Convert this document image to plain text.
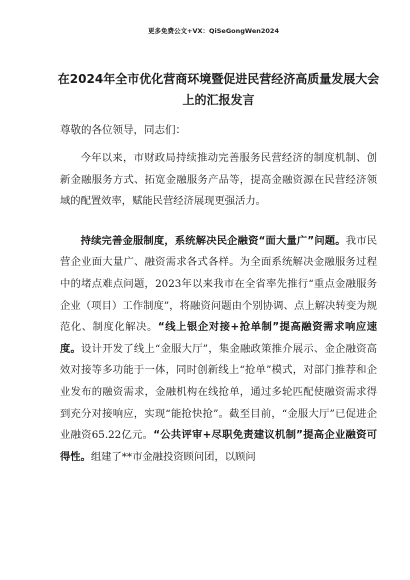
更多免费公文+VX：QiSeGongWen2024
在2024年全市优化营商环境暨促进民营经济高质量发展大会上的汇报发言
尊敬的各位领导，同志们：

今年以来，市财政局持续推动完善服务民营经济的制度机制、创新金融服务方式、拓宽金融服务产品等，提高金融资源在民营经济领域的配置效率，赋能民营经济展现更强活力。

持续完善金服制度，系统解决民企融资“面大量广”问题。我市民营企业面大量广、融资需求各式各样。为全面系统解决金融服务过程中的堵点难点问题，2023年以来我市在全省率先推行“重点金融服务企业（项目）工作制度”，将融资问题由个别协调、点上解决转变为规范化、制度化解决。“线上银企对接+抢单制”提高融资需求响应速度。设计开发了线上“金服大厅”，集金融政策推介展示、金企融资高效对接等多功能于一体，同时创新线上“抢单”模式，对部门推荐和企业发布的融资需求，金融机构在线抢单，通过多轮匹配使融资需求得到充分对接响应，实现“能抢快抢”。截至目前，“金服大厅”已促进企业融资65.22亿元。“公共评审+尽职免责建议机制”提高企业融资可得性。组建了**市金融投资顾问团，以顾问
